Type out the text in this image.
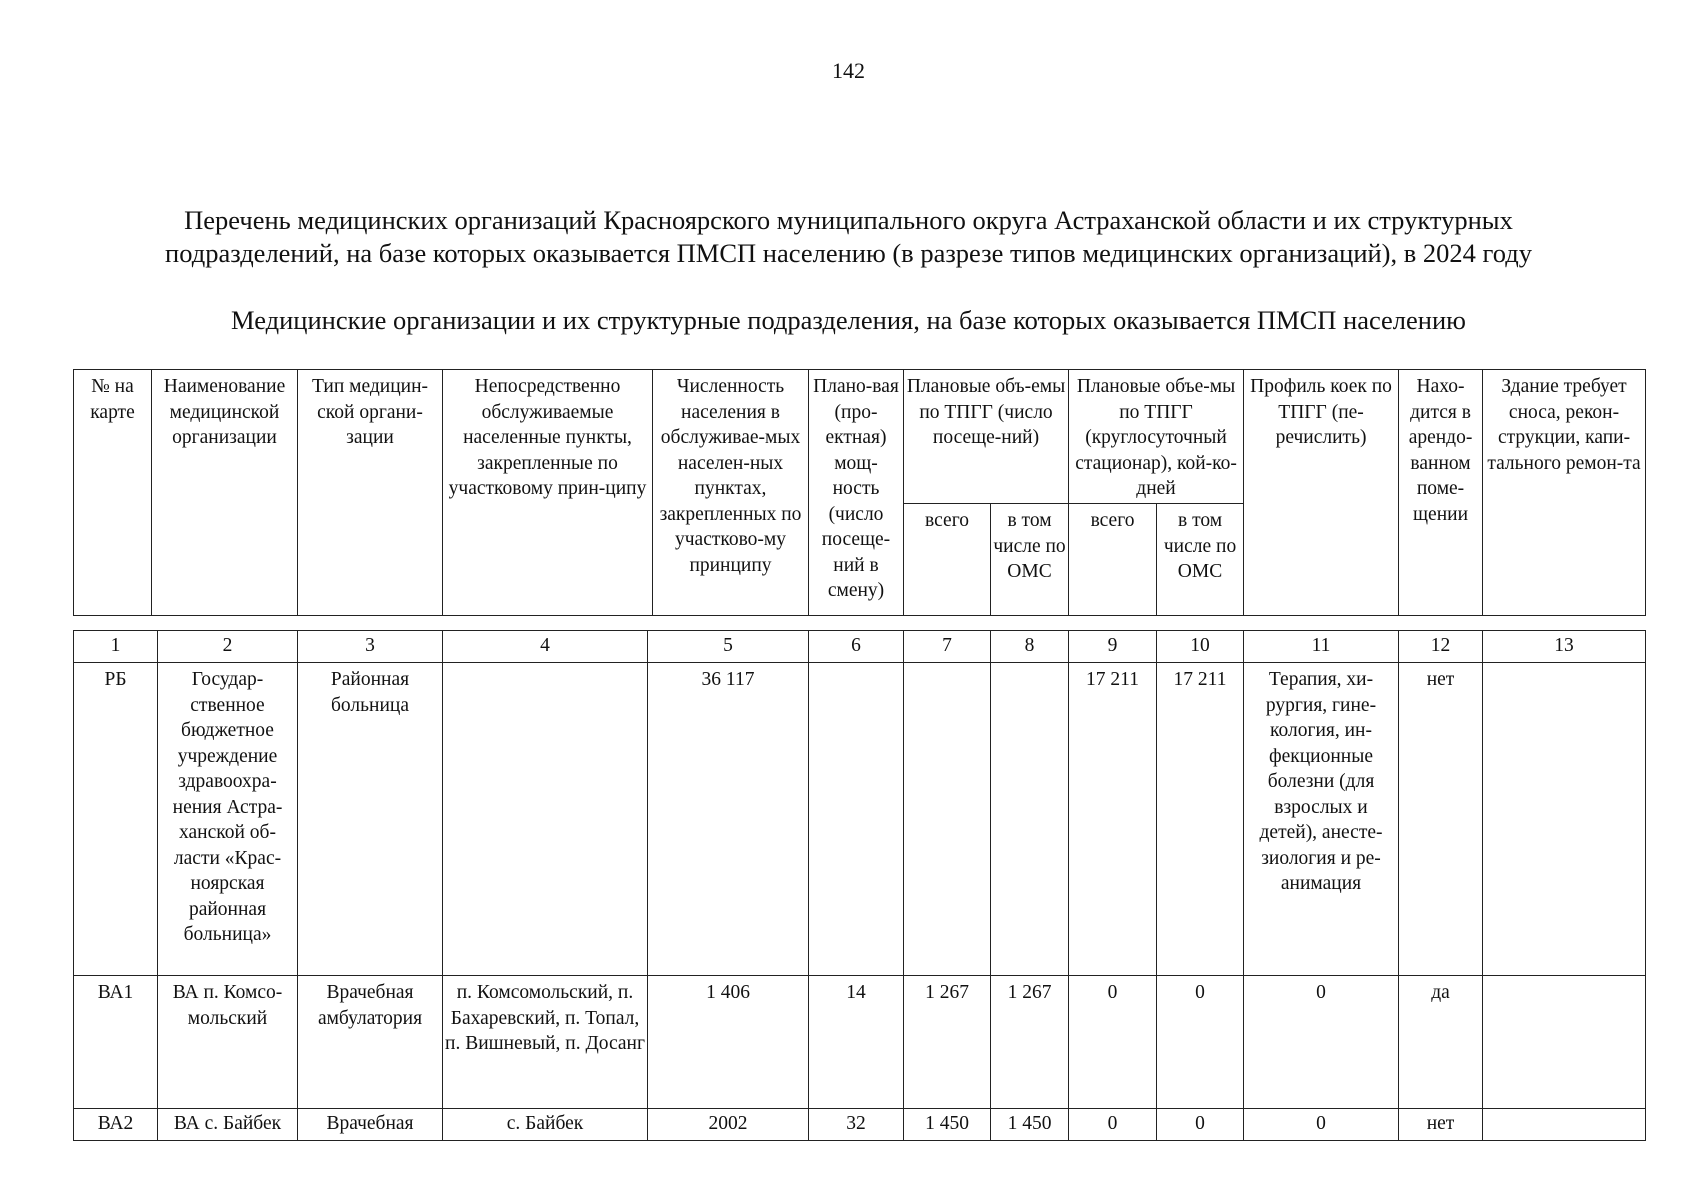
142
Перечень медицинских организаций Красноярского муниципального округа Астраханской области и их структурных
подразделений, на базе которых оказывается ПМСП населению (в разрезе типов медицинских организаций), в 2024 году
Медицинские организации и их структурные подразделения, на базе которых оказывается ПМСП населению
№ на карте	Наименование медицинской организации	Тип медицин-ской органи-зации	Непосредственно обслуживаемые населенные пункты, закрепленные по участковому прин-ципу	Численность населения в обслуживае-мых населен-ных пунктах, закрепленных по участково-му принципу	Плано-вая (про-ектная) мощ-ность (число посеще-ний в смену)	Плановые объ-емы по ТПГГ (число посеще-ний)		Плановые объе-мы по ТПГГ (круглосуточный стационар), кой-ко-дней		Профиль коек по ТПГГ (пе-речислить)	Нахо-дится в арендо-ванном поме-щении	Здание требует сноса, рекон-струкции, капи-тального ремон-та
						всего	в том числе по ОМС	всего	в том числе по ОМС			
1	2	3	4	5	6	7	8	9	10	11	12	13
РБ	Государ-ственное бюджетное учреждение здравоохра-нения Астра-ханской об-ласти «Крас-ноярская районная больница»	Районная больница		36 117				17 211	17 211	Терапия, хи-рургия, гине-кология, ин-фекционные болезни (для взрослых и детей), анесте-зиология и ре-анимация	нет	
ВА1	ВА п. Комсо-мольский	Врачебная амбулатория	п. Комсомольский, п. Бахаревский, п. Топал, п. Вишневый, п. Досанг	1 406	14	1 267	1 267	0	0	0	да	
ВА2	ВА с. Байбек	Врачебная	с. Байбек	2002	32	1 450	1 450	0	0	0	нет	
